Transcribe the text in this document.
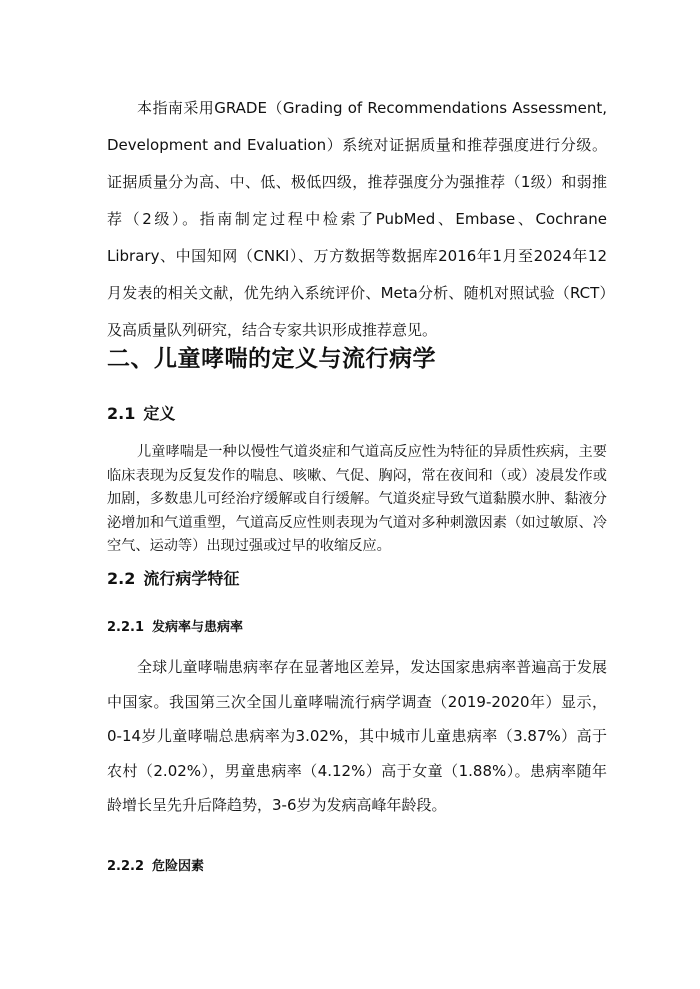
本指南采用GRADE（Grading of Recommendations Assessment, Development and Evaluation）系统对证据质量和推荐强度进行分级。证据质量分为高、中、低、极低四级，推荐强度分为强推荐（1级）和弱推荐（2级）。指南制定过程中检索了PubMed、Embase、Cochrane Library、中国知网（CNKI）、万方数据等数据库2016年1月至2024年12月发表的相关文献，优先纳入系统评价、Meta分析、随机对照试验（RCT）及高质量队列研究，结合专家共识形成推荐意见。

二、儿童哮喘的定义与流行病学
2.1 定义

儿童哮喘是一种以慢性气道炎症和气道高反应性为特征的异质性疾病，主要临床表现为反复发作的喘息、咳嗽、气促、胸闷，常在夜间和（或）凌晨发作或加剧，多数患儿可经治疗缓解或自行缓解。气道炎症导致气道黏膜水肿、黏液分泌增加和气道重塑，气道高反应性则表现为气道对多种刺激因素（如过敏原、冷空气、运动等）出现过强或过早的收缩反应。

2.2 流行病学特征
2.2.1 发病率与患病率

全球儿童哮喘患病率存在显著地区差异，发达国家患病率普遍高于发展中国家。我国第三次全国儿童哮喘流行病学调查（2019-2020年）显示，0-14岁儿童哮喘总患病率为3.02%，其中城市儿童患病率（3.87%）高于农村（2.02%），男童患病率（4.12%）高于女童（1.88%）。患病率随年龄增长呈先升后降趋势，3-6岁为发病高峰年龄段。

2.2.2 危险因素
